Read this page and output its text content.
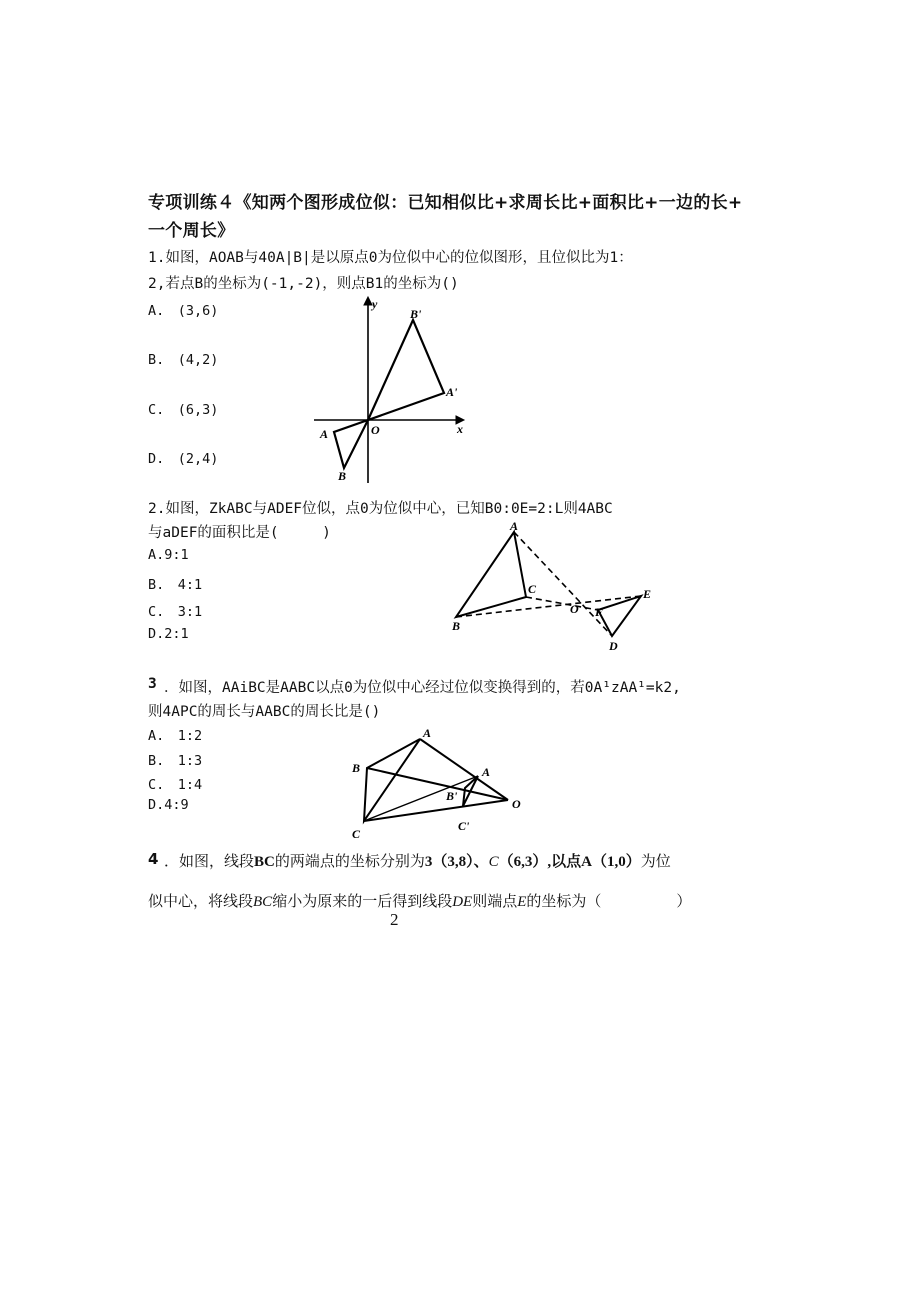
专项训练４《知两个图形成位似：已知相似比+求周长比+面积比+一边的长+
一个周长》
1.如图，AOAB与40A|B|是以原点0为位似中心的位似图形，且位似比为1：
2,若点B的坐标为(-1,-2)，则点B1的坐标为()
A.　(3,6)
B.　(4,2)
C.　(6,3)
D.　(2,4)
y
x
O
B'
A'
A
B
2.如图，ZkABC与ADEF位似，点0为位似中心，已知B0:0E=2:L则4ABC
与aDEF的面积比是(　　　)
A.9:1
B.　4:1
C.　3:1
D.2:1
A
B
C
O F
E
D
3 ．如图，AAiBC是AABC以点0为位似中心经过位似变换得到的，若0A¹zAA¹=k2,
则4APC的周长与AABC的周长比是()
A.　1:2
B.　1:3
C.　1:4
D.4:9
A
B
C
O
A
B'
C'
4 ．如图，线段BC的两端点的坐标分别为3（3,8）、C（6,3）,以点A（1,0）为位
似中心，将线段BC缩小为原来的一后得到线段DE则端点E的坐标为（　　　　　）
2
